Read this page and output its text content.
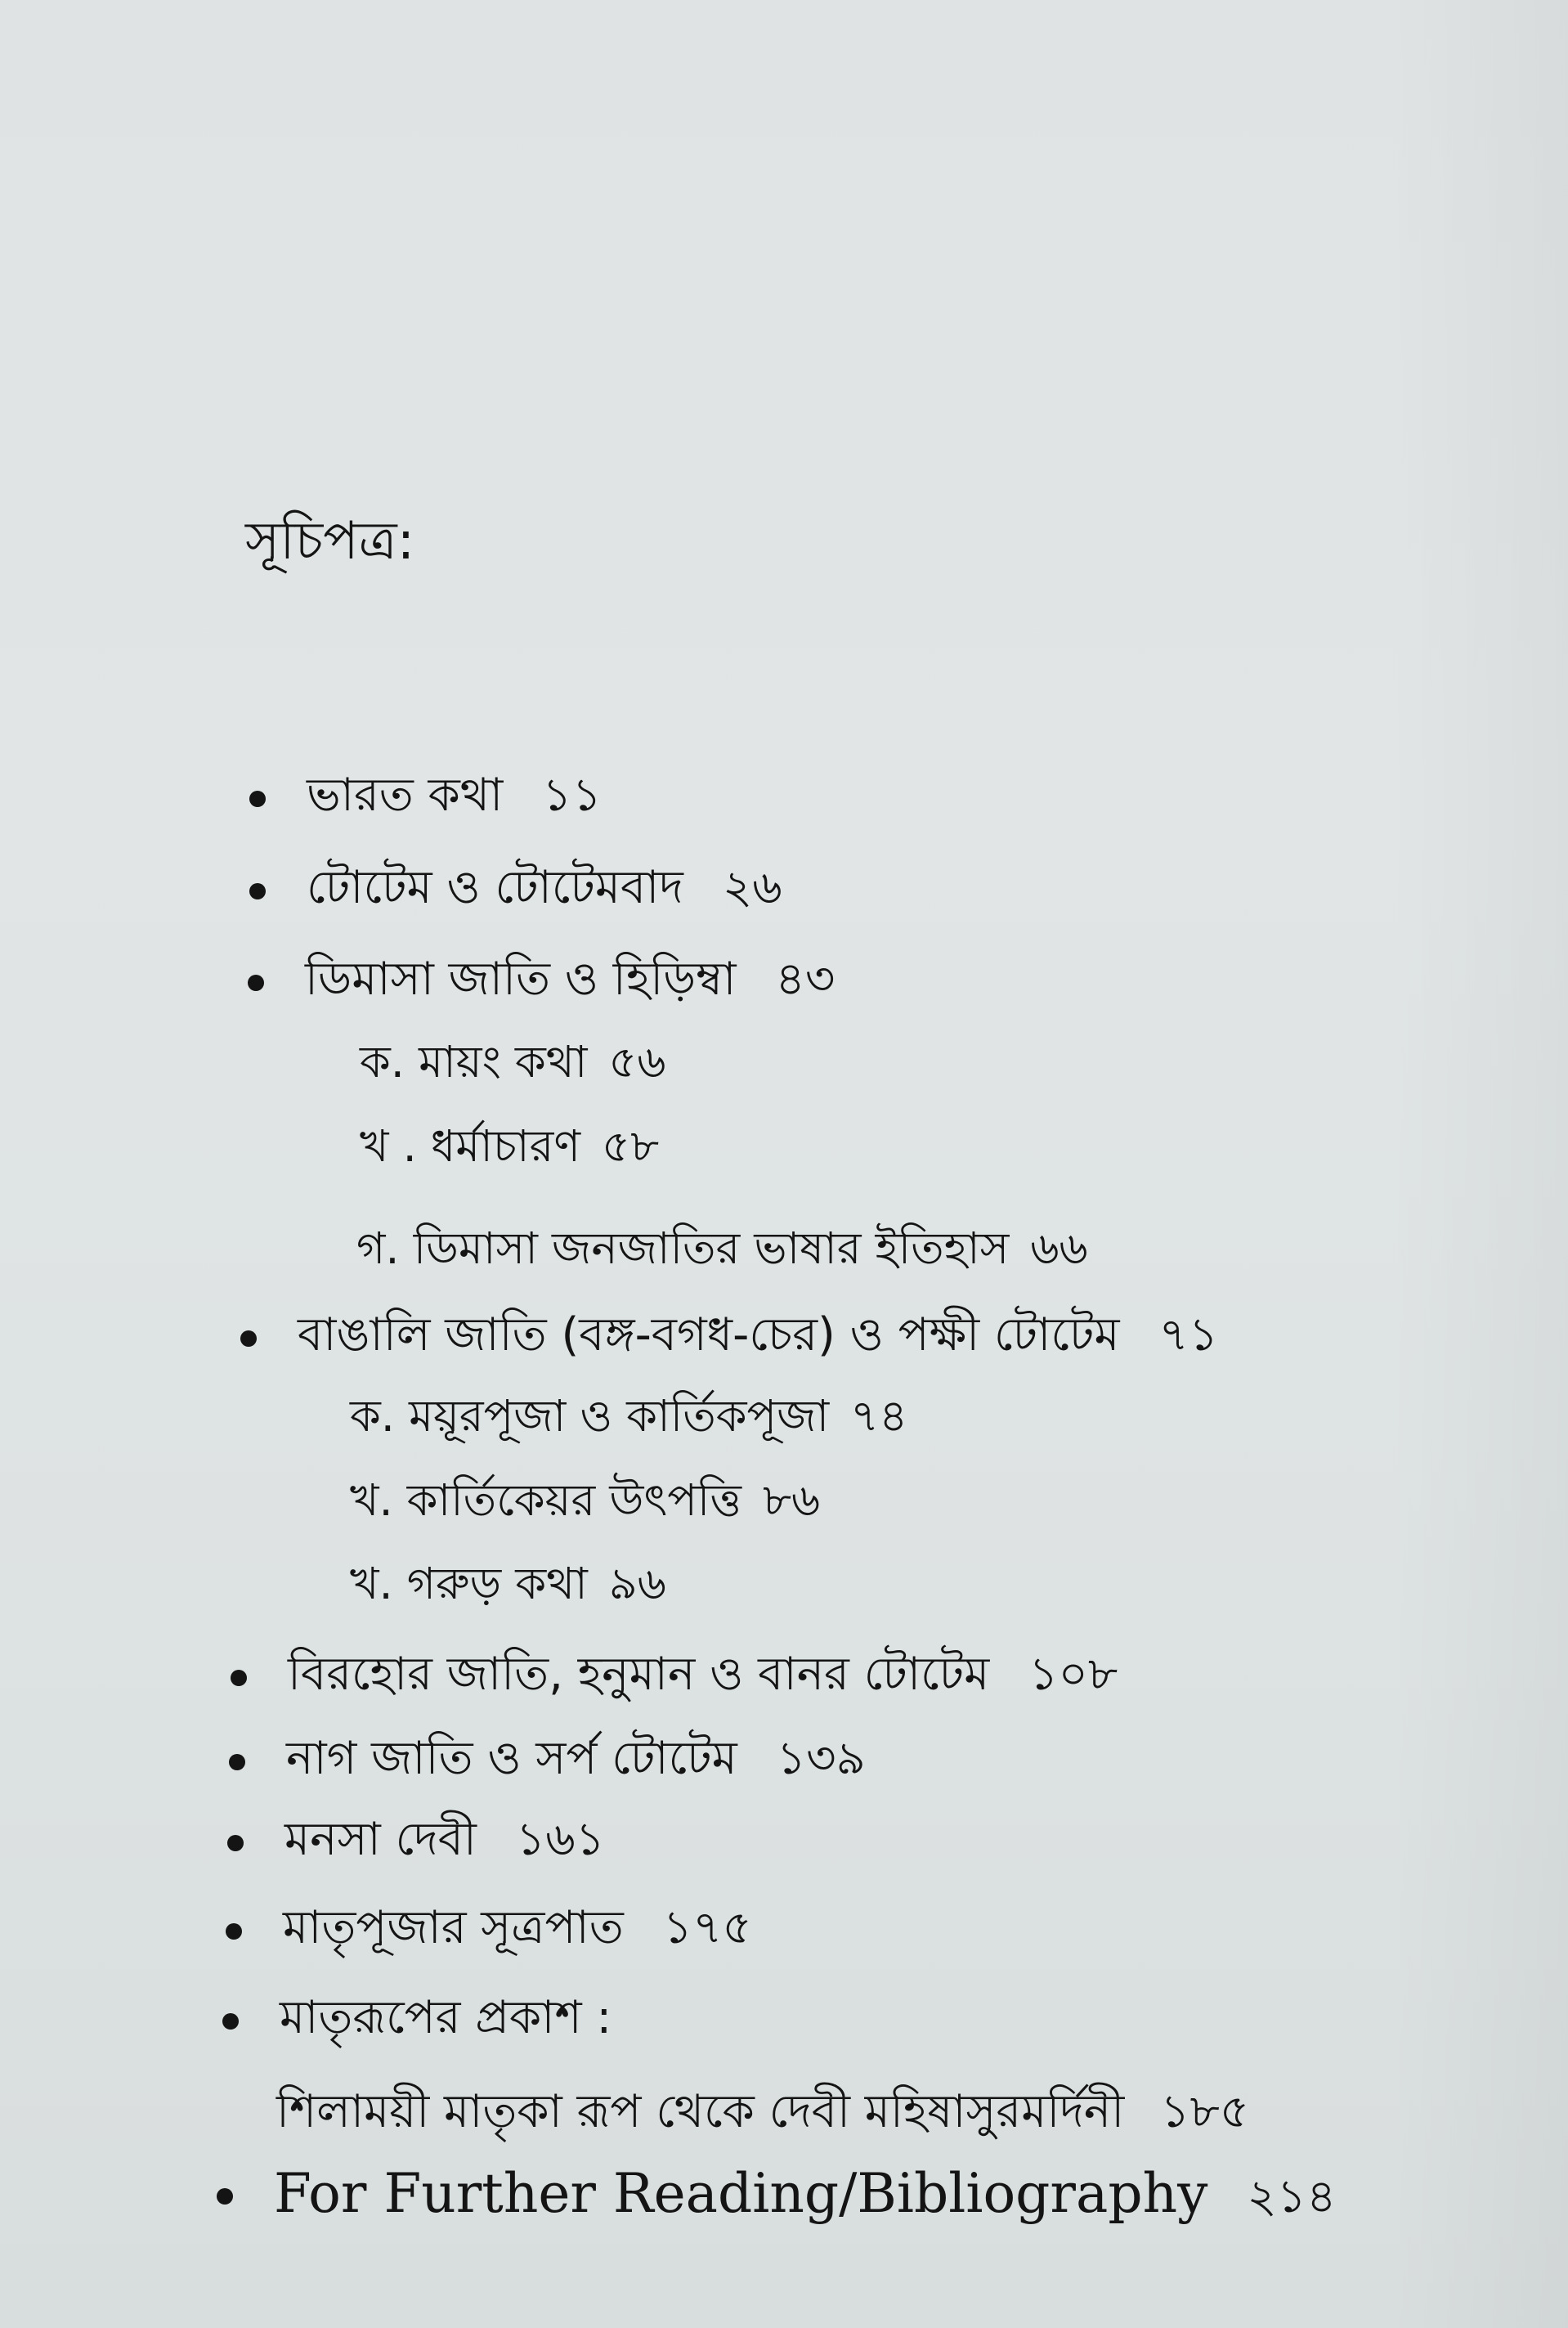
সূচিপত্র:
ভারত কথা ১১
টোটেম ও টোটেমবাদ ২৬
ডিমাসা জাতি ও হিড়িম্বা ৪৩
ক. মায়ং কথা ৫৬
খ . ধর্মাচারণ ৫৮
গ. ডিমাসা জনজাতির ভাষার ইতিহাস ৬৬
বাঙালি জাতি (বঙ্গ-বগধ-চের) ও পক্ষী টোটেম ৭১
ক. ময়ূরপূজা ও কার্তিকপূজা ৭৪
খ. কার্তিকেয়র উৎপত্তি ৮৬
খ. গরুড় কথা ৯৬
বিরহোর জাতি, হনুমান ও বানর টোটেম ১০৮
নাগ জাতি ও সর্প টোটেম ১৩৯
মনসা দেবী ১৬১
মাতৃপূজার সূত্রপাত ১৭৫
মাতৃরূপের প্রকাশ :
শিলাময়ী মাতৃকা রূপ থেকে দেবী মহিষাসুরমর্দিনী ১৮৫
For Further Reading/Bibliography ২১৪
